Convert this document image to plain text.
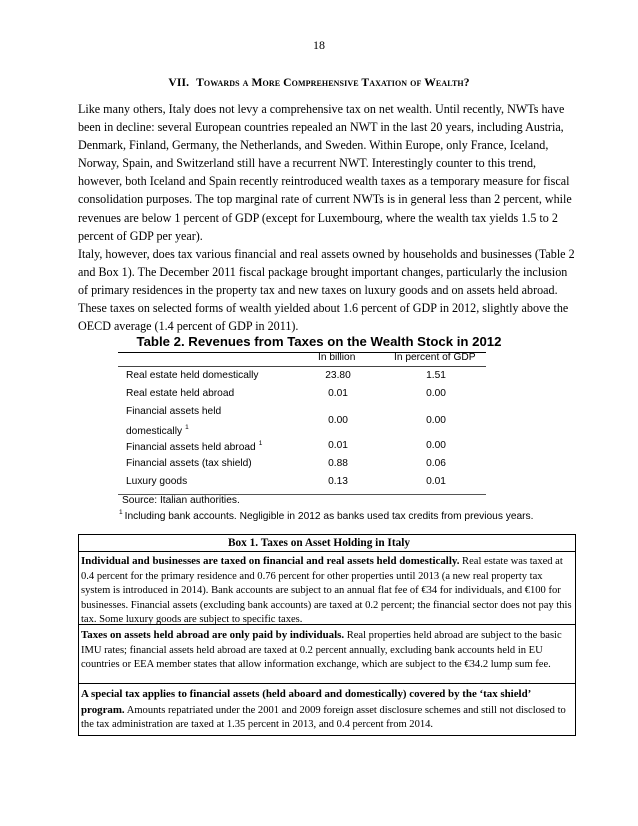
18
VII. Towards a More Comprehensive Taxation of Wealth?

Like many others, Italy does not levy a comprehensive tax on net wealth. Until recently, NWTs have been in decline: several European countries repealed an NWT in the last 20 years, including Austria, Denmark, Finland, Germany, the Netherlands, and Sweden. Within Europe, only France, Iceland, Norway, Spain, and Switzerland still have a recurrent NWT. Interestingly counter to this trend, however, both Iceland and Spain recently reintroduced wealth taxes as a temporary measure for fiscal consolidation purposes. The top marginal rate of current NWTs is in general less than 2 percent, while revenues are below 1 percent of GDP (except for Luxembourg, where the wealth tax yields 1.5 to 2 percent of GDP per year).

Italy, however, does tax various financial and real assets owned by households and businesses (Table 2 and Box 1). The December 2011 fiscal package brought important changes, particularly the inclusion of primary residences in the property tax and new taxes on luxury goods and on assets held abroad. These taxes on selected forms of wealth yielded about 1.6 percent of GDP in 2012, slightly above the OECD average (1.4 percent of GDP in 2011).

Table 2. Revenues from Taxes on the Wealth Stock in 2012
In billion	In percent of GDP
Real estate held domestically	23.80	1.51
Real estate held abroad	0.01	0.00
Financial assets held
domestically $^1$
0.00	0.00
Financial assets held abroad $^1$	0.01	0.00
Financial assets (tax shield)	0.88	0.06
Luxury goods	0.13	0.01
Source: Italian authorities.
$^1$ Including bank accounts. Negligible in 2012 as banks used tax credits from previous years.
Box 1. Taxes on Asset Holding in Italy

Individual and businesses are taxed on financial and real assets held domestically. Real estate was taxed at 0.4 percent for the primary residence and 0.76 percent for other properties until 2013 (a new real property tax system is introduced in 2014). Bank accounts are subject to an annual flat fee of €34 for individuals, and €100 for businesses. Financial assets (excluding bank accounts) are taxed at 0.2 percent; the financial sector does not pay this tax. Some luxury goods are subject to specific taxes.

Taxes on assets held abroad are only paid by individuals. Real properties held abroad are subject to the basic IMU rates; financial assets held abroad are taxed at 0.2 percent annually, excluding bank accounts held in EU countries or EEA member states that allow information exchange, which are subject to the €34.2 lump sum fee.

A special tax applies to financial assets (held aboard and domestically) covered by the ‘tax shield’ program. Amounts repatriated under the 2001 and 2009 foreign asset disclosure schemes and still not disclosed to the tax administration are taxed at 1.35 percent in 2013, and 0.4 percent from 2014.
